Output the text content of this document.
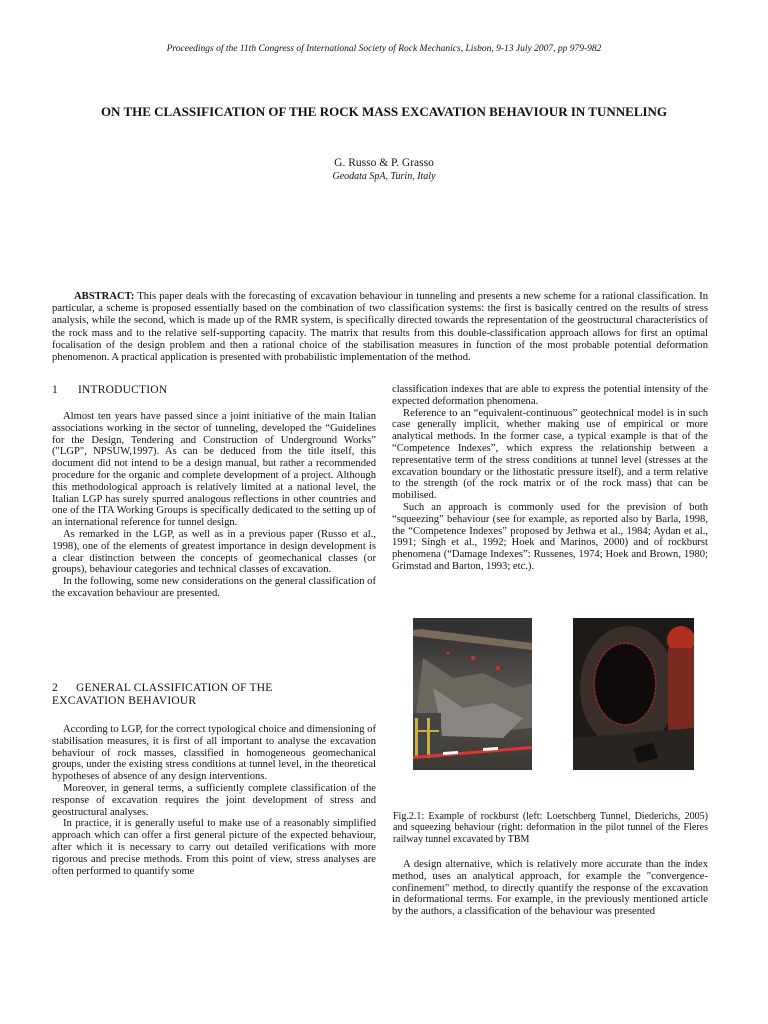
Proceedings of the 11th Congress of International Society of Rock Mechanics, Lisbon, 9-13 July 2007, pp 979-982
ON THE CLASSIFICATION OF THE ROCK MASS EXCAVATION BEHAVIOUR IN TUNNELING
G. Russo & P. Grasso
Geodata SpA, Turin, Italy
ABSTRACT: This paper deals with the forecasting of excavation behaviour in tunneling and presents a new scheme for a rational classification. In particular, a scheme is proposed essentially based on the combination of two classification systems: the first is basically centred on the results of stress analysis, while the second, which is made up of the RMR system, is specifically directed towards the representation of the geostructural characteristics of the rock mass and to the relative self-supporting capacity. The matrix that results from this double-classification approach allows for first an optimal focalisation of the design problem and then a rational choice of the stabilisation measures in function of the most probable potential deformation phenomenon. A practical application is presented with probabilistic implementation of the method.
1 INTRODUCTION

Almost ten years have passed since a joint initiative of the main Italian associations working in the sector of tunneling, developed the “Guidelines for the Design, Tendering and Construction of Underground Works” ("LGP", NPSUW,1997). As can be deduced from the title itself, this document did not intend to be a design manual, but rather a recommended procedure for the organic and complete development of a project. Although this methodological approach is relatively limited at a national level, the Italian LGP has surely spurred analogous reflections in other countries and one of the ITA Working Groups is specifically dedicated to the setting up of an international reference for tunnel design.

As remarked in the LGP, as well as in a previous paper (Russo et al., 1998), one of the elements of greatest importance in design development is a clear distinction between the concepts of geomechanical classes (or groups), behaviour categories and technical classes of excavation.

In the following, some new considerations on the general classification of the excavation behaviour are presented.

2 GENERAL CLASSIFICATION OF THE
EXCAVATION BEHAVIOUR

According to LGP, for the correct typological choice and dimensioning of stabilisation measures, it is first of all important to analyse the excavation behaviour of rock masses, classified in homogeneous geomechanical groups, under the existing stress conditions at tunnel level, in the theoretical hypotheses of absence of any design interventions.

Moreover, in general terms, a sufficiently complete classification of the response of excavation requires the joint development of stress and geostructural analyses.

In practice, it is generally useful to make use of a reasonably simplified approach which can offer a first general picture of the expected behaviour, after which it is necessary to carry out detailed verifications with more rigorous and precise methods. From this point of view, stress analyses are often performed to quantify some

classification indexes that are able to express the potential intensity of the expected deformation phenomena.

Reference to an “equivalent-continuous” geotechnical model is in such case generally implicit, whether making use of empirical or more analytical methods. In the former case, a typical example is that of the “Competence Indexes”, which express the relationship between a representative term of the stress conditions at tunnel level (stresses at the excavation boundary or the lithostatic pressure itself), and a term relative to the strength (of the rock matrix or of the rock mass) that can be mobilised.

Such an approach is commonly used for the prevision of both “squeezing” behaviour (see for example, as reported also by Barla, 1998, the “Competence Indexes” proposed by Jethwa et al., 1984; Aydan et al., 1991; Singh et al., 1992; Hoek and Marinos, 2000) and of rockburst phenomena (“Damage Indexes”: Russenes, 1974; Hoek and Brown, 1980; Grimstad and Barton, 1993; etc.).

Fig.2.1: Example of rockburst (left: Loetschberg Tunnel, Diederichs, 2005) and squeezing behaviour (right: deformation in the pilot tunnel of the Fleres railway tunnel excavated by TBM

A design alternative, which is relatively more accurate than the index method, uses an analytical approach, for example the "convergence-confinement" method, to directly quantify the response of the excavation in deformational terms. For example, in the previously mentioned article by the authors, a classification of the behaviour was presented
